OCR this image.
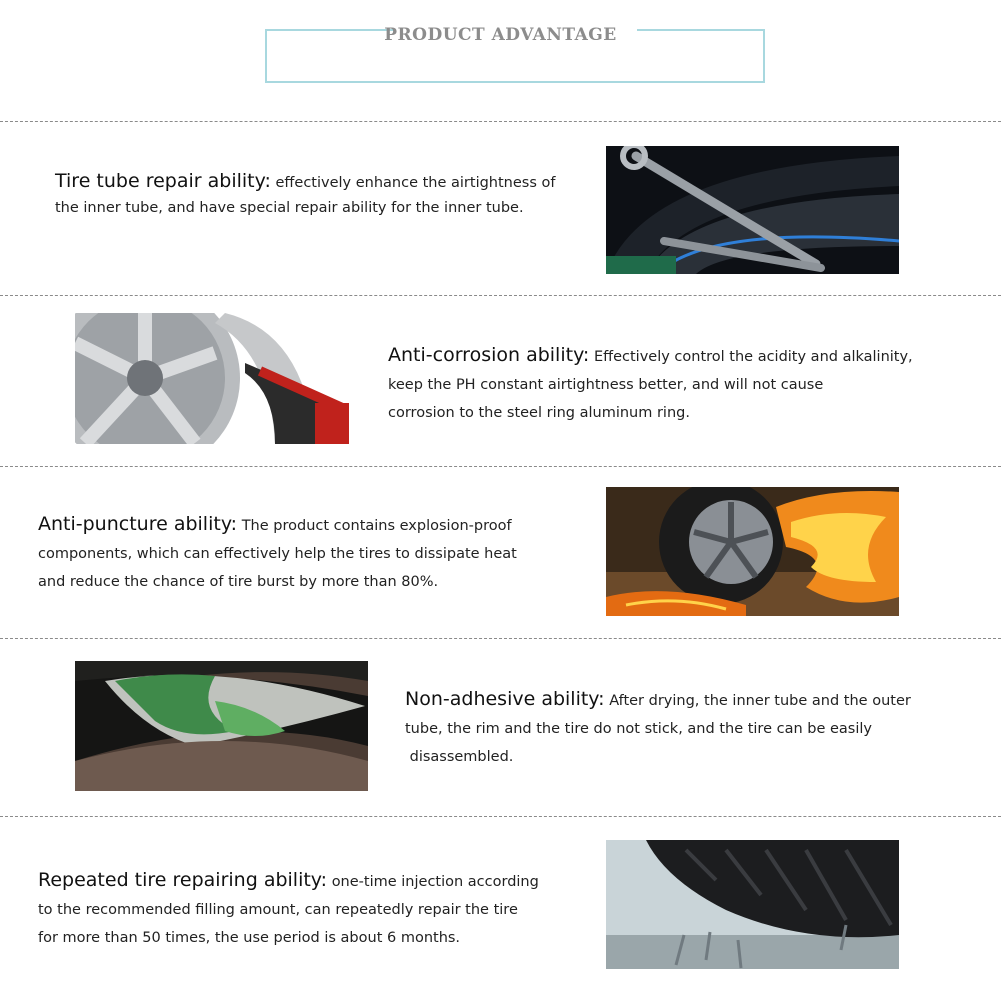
PRODUCT ADVANTAGE
Tire tube repair ability: effectively enhance the airtightness of
the inner tube, and have special repair ability for the inner tube.
Anti-corrosion ability: Effectively control the acidity and alkalinity,
keep the PH constant airtightness better, and will not cause
corrosion to the steel ring aluminum ring.
Anti-puncture ability: The product contains explosion-proof
components, which can effectively help the tires to dissipate heat
and reduce the chance of tire burst by more than 80%.
Non-adhesive ability: After drying, the inner tube and the outer
tube, the rim and the tire do not stick, and the tire can be easily
disassembled.
Repeated tire repairing ability: one-time injection according
to the recommended filling amount, can repeatedly repair the tire
for more than 50 times, the use period is about 6 months.
